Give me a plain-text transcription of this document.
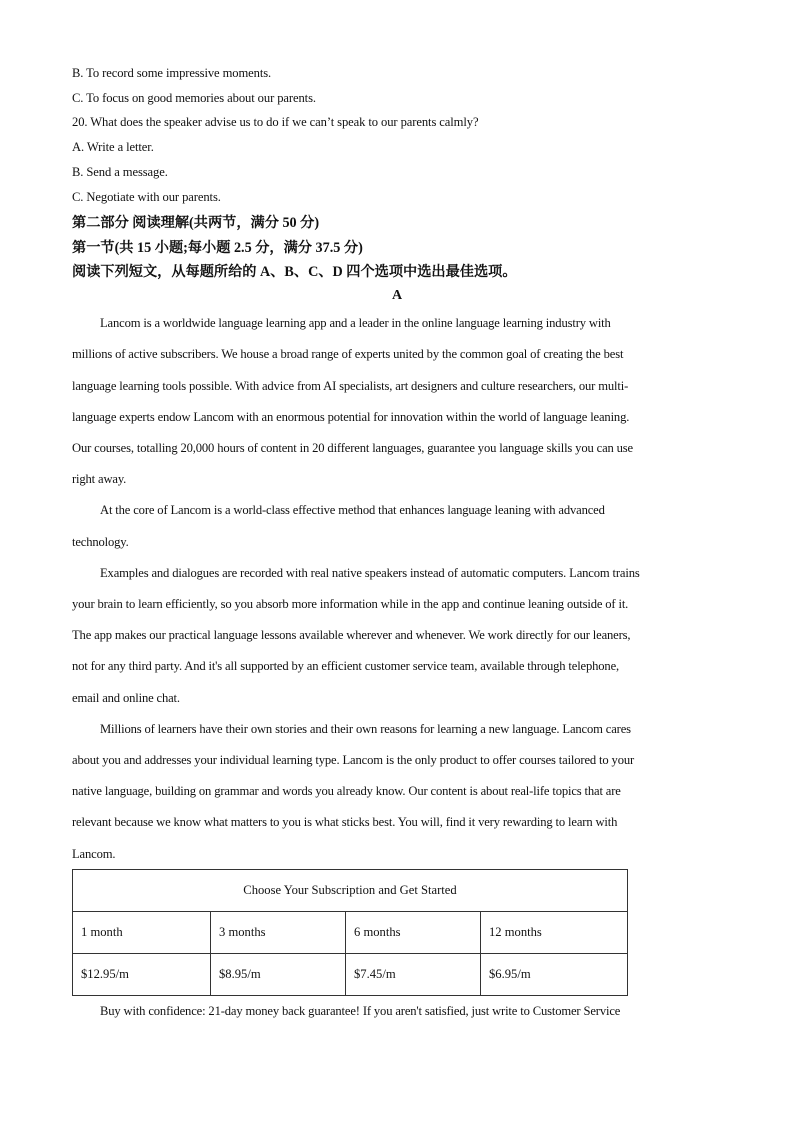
B. To record some impressive moments.
C. To focus on good memories about our parents.
20. What does the speaker advise us to do if we can’t speak to our parents calmly?
A. Write a letter.
B. Send a message.
C. Negotiate with our parents.
第二部分 阅读理解(共两节，满分 50 分)
第一节(共 15 小题;每小题 2.5 分，满分 37.5 分)
阅读下列短文，从每题所给的 A、B、C、D 四个选项中选出最佳选项。
A
Lancom is a worldwide language learning app and a leader in the online language learning industry with
millions of active subscribers. We house a broad range of experts united by the common goal of creating the best
language learning tools possible. With advice from AI specialists, art designers and culture researchers, our multi-
language experts endow Lancom with an enormous potential for innovation within the world of language leaning.
Our courses, totalling 20,000 hours of content in 20 different languages, guarantee you language skills you can use
right away.
At the core of Lancom is a world-class effective method that enhances language leaning with advanced
technology.
Examples and dialogues are recorded with real native speakers instead of automatic computers. Lancom trains
your brain to learn efficiently, so you absorb more information while in the app and continue leaning outside of it.
The app makes our practical language lessons available wherever and whenever. We work directly for our leaners,
not for any third party. And it's all supported by an efficient customer service team, available through telephone,
email and online chat.
Millions of learners have their own stories and their own reasons for learning a new language. Lancom cares
about you and addresses your individual learning type. Lancom is the only product to offer courses tailored to your
native language, building on grammar and words you already know. Our content is about real-life topics that are
relevant because we know what matters to you is what sticks best. You will, find it very rewarding to learn with
Lancom.
Choose Your Subscription and Get Started			
1 month	3 months	6 months	12 months
$12.95/m	$8.95/m	$7.45/m	$6.95/m
Buy with confidence: 21-day money back guarantee! If you aren't satisfied, just write to Customer Service
